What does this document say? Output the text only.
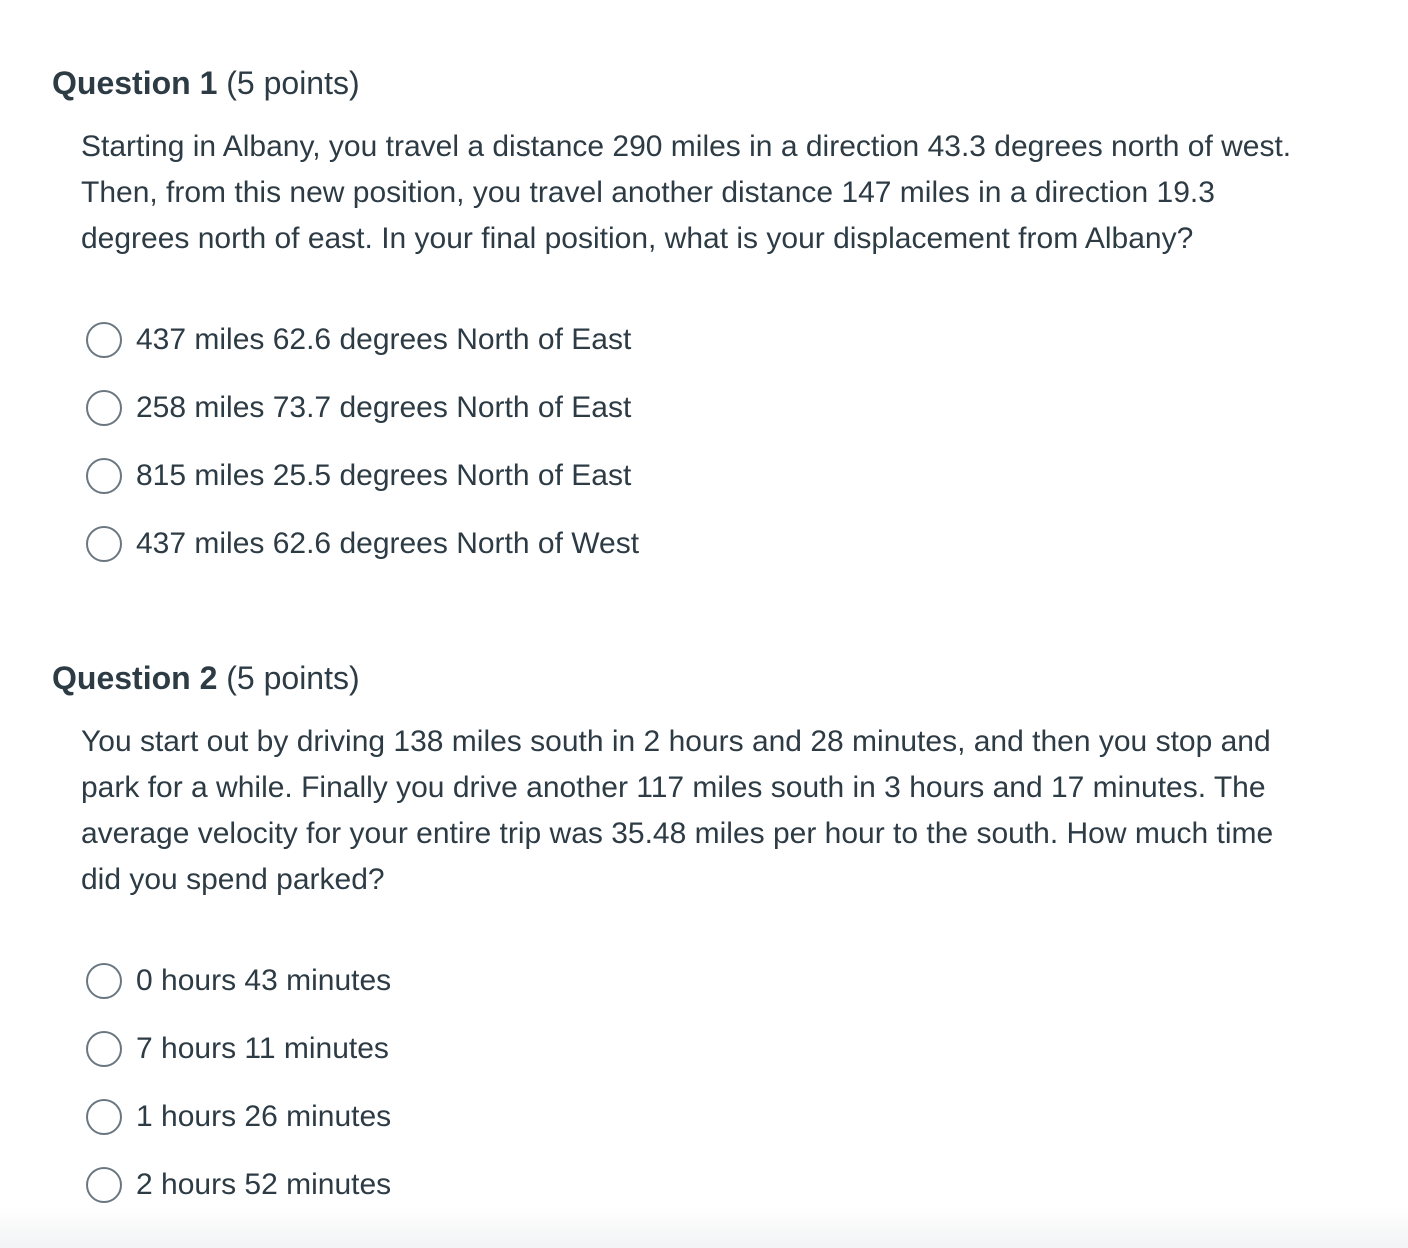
Question 1 (5 points)
Starting in Albany, you travel a distance 290 miles in a direction 43.3 degrees north of west. Then, from this new position, you travel another distance 147 miles in a direction 19.3 degrees north of east. In your final position, what is your displacement from Albany?
437 miles 62.6 degrees North of East
258 miles 73.7 degrees North of East
815 miles 25.5 degrees North of East
437 miles 62.6 degrees North of West
Question 2 (5 points)
You start out by driving 138 miles south in 2 hours and 28 minutes, and then you stop and park for a while. Finally you drive another 117 miles south in 3 hours and 17 minutes. The average velocity for your entire trip was 35.48 miles per hour to the south. How much time did you spend parked?
0 hours 43 minutes
7 hours 11 minutes
1 hours 26 minutes
2 hours 52 minutes
